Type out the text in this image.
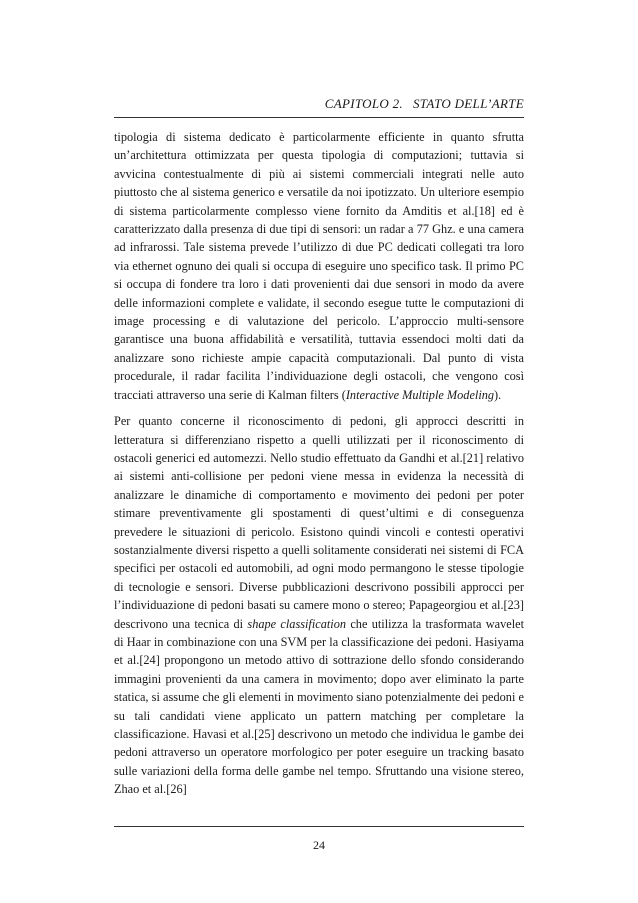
CAPITOLO 2. STATO DELL’ARTE

tipologia di sistema dedicato è particolarmente efficiente in quanto sfrutta un’architettura ottimizzata per questa tipologia di computazioni; tuttavia si avvicina contestualmente di più ai sistemi commerciali integrati nelle auto piuttosto che al sistema generico e versatile da noi ipotizzato. Un ulteriore esempio di sistema particolarmente complesso viene fornito da Amditis et al.[18] ed è caratterizzato dalla presenza di due tipi di sensori: un radar a 77 Ghz. e una camera ad infrarossi. Tale sistema prevede l’utilizzo di due PC dedicati collegati tra loro via ethernet ognuno dei quali si occupa di eseguire uno specifico task. Il primo PC si occupa di fondere tra loro i dati provenienti dai due sensori in modo da avere delle informazioni complete e validate, il secondo esegue tutte le computazioni di image processing e di valutazione del pericolo. L’approccio multi-sensore garantisce una buona affidabilità e versatilità, tuttavia essendoci molti dati da analizzare sono richieste ampie capacità computazionali. Dal punto di vista procedurale, il radar facilita l’individuazione degli ostacoli, che vengono così tracciati attraverso una serie di Kalman filters (Interactive Multiple Modeling).

Per quanto concerne il riconoscimento di pedoni, gli approcci descritti in letteratura si differenziano rispetto a quelli utilizzati per il riconoscimento di ostacoli generici ed automezzi. Nello studio effettuato da Gandhi et al.[21] relativo ai sistemi anti-collisione per pedoni viene messa in evidenza la necessità di analizzare le dinamiche di comportamento e movimento dei pedoni per poter stimare preventivamente gli spostamenti di quest’ultimi e di conseguenza prevedere le situazioni di pericolo. Esistono quindi vincoli e contesti operativi sostanzialmente diversi rispetto a quelli solitamente considerati nei sistemi di FCA specifici per ostacoli ed automobili, ad ogni modo permangono le stesse tipologie di tecnologie e sensori. Diverse pubblicazioni descrivono possibili approcci per l’individuazione di pedoni basati su camere mono o stereo; Papageorgiou et al.[23] descrivono una tecnica di shape classification che utilizza la trasformata wavelet di Haar in combinazione con una SVM per la classificazione dei pedoni. Hasiyama et al.[24] propongono un metodo attivo di sottrazione dello sfondo considerando immagini provenienti da una camera in movimento; dopo aver eliminato la parte statica, si assume che gli elementi in movimento siano potenzialmente dei pedoni e su tali candidati viene applicato un pattern matching per completare la classificazione. Havasi et al.[25] descrivono un metodo che individua le gambe dei pedoni attraverso un operatore morfologico per poter eseguire un tracking basato sulle variazioni della forma delle gambe nel tempo. Sfruttando una visione stereo, Zhao et al.[26]

24
